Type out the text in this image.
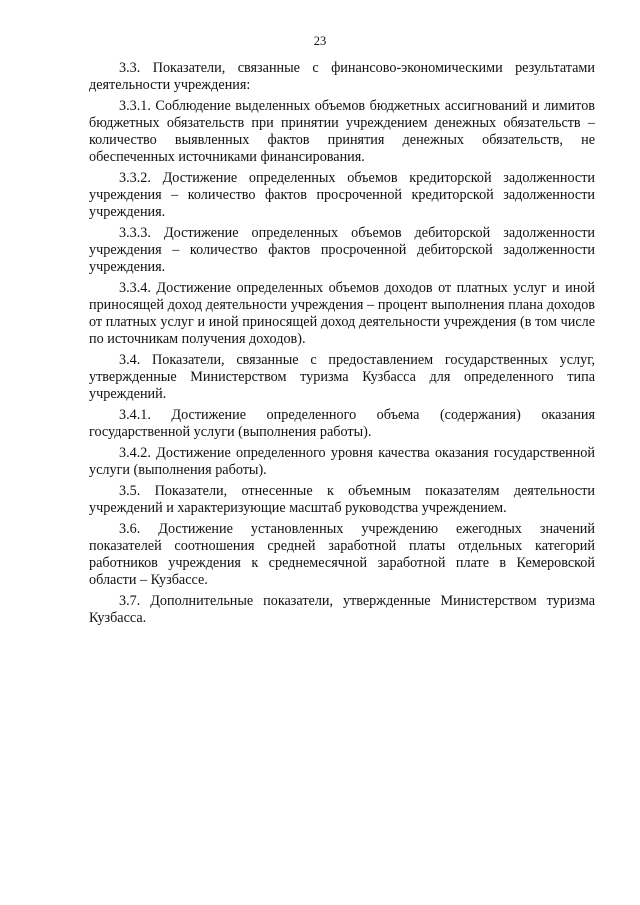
23

3.3. Показатели, связанные с финансово-экономическими результатами деятельности учреждения:

3.3.1. Соблюдение выделенных объемов бюджетных ассигнований и лимитов бюджетных обязательств при принятии учреждением денежных обязательств – количество выявленных фактов принятия денежных обязательств, не обеспеченных источниками финансирования.

3.3.2. Достижение определенных объемов кредиторской задолженности учреждения – количество фактов просроченной кредиторской задолженности учреждения.

3.3.3. Достижение определенных объемов дебиторской задолженности учреждения – количество фактов просроченной дебиторской задолженности учреждения.

3.3.4. Достижение определенных объемов доходов от платных услуг и иной приносящей доход деятельности учреждения – процент выполнения плана доходов от платных услуг и иной приносящей доход деятельности учреждения (в том числе по источникам получения доходов).

3.4. Показатели, связанные с предоставлением государственных услуг, утвержденные Министерством туризма Кузбасса для определенного типа учреждений.

3.4.1. Достижение определенного объема (содержания) оказания государственной услуги (выполнения работы).

3.4.2. Достижение определенного уровня качества оказания государственной услуги (выполнения работы).

3.5. Показатели, отнесенные к объемным показателям деятельности учреждений и характеризующие масштаб руководства учреждением.

3.6. Достижение установленных учреждению ежегодных значений показателей соотношения средней заработной платы отдельных категорий работников учреждения к среднемесячной заработной плате в Кемеровской области – Кузбассе.

3.7. Дополнительные показатели, утвержденные Министерством туризма Кузбасса.
